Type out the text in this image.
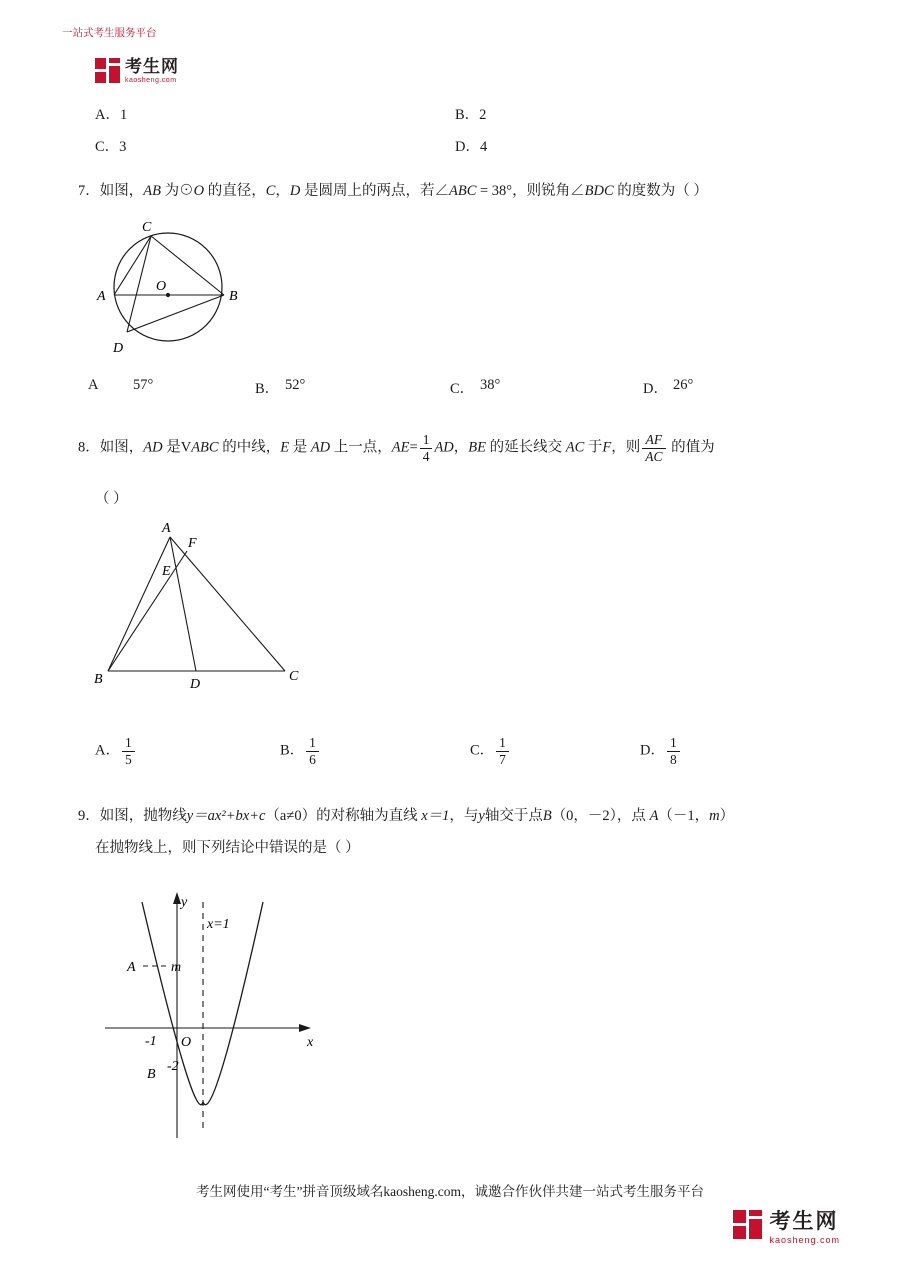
考生网
kaosheng.com
一站式考生服务平台
A．1	B．2
C．3	D．4
7．如图，AB 为⊙O 的直径，C，D 是圆周上的两点，若∠ABC = 38°，则锐角∠BDC 的度数为（ ）
C
O
A	B
D
A 57°	B． 52°	C． 38°	D． 26°
8．如图，AD 是VABC 的中线，E 是 AD 上一点，$AE= \frac{1}{4}$ AD，BE 的延长线交 AC 于F，则 $\frac{AF}{AC}$ 的值为
（ ）
A
F
E
B	D
C
A． $\frac{1}{5}$	B． $\frac{1}{6}$	C． $\frac{1}{7}$	D． $\frac{1}{8}$
9．如图，抛物线y＝ax²+bx+c（a≠0）的对称轴为直线 x＝1，与y轴交于点B（0，－2），点 A（－1，m）
在抛物线上，则下列结论中错误的是（ ）
y
x
x=1
A	m
-1 O
B
-2
考生网使用“考生”拼音顶级域名kaosheng.com，诚邀合作伙伴共建一站式考生服务平台
考生网
kaosheng.com
